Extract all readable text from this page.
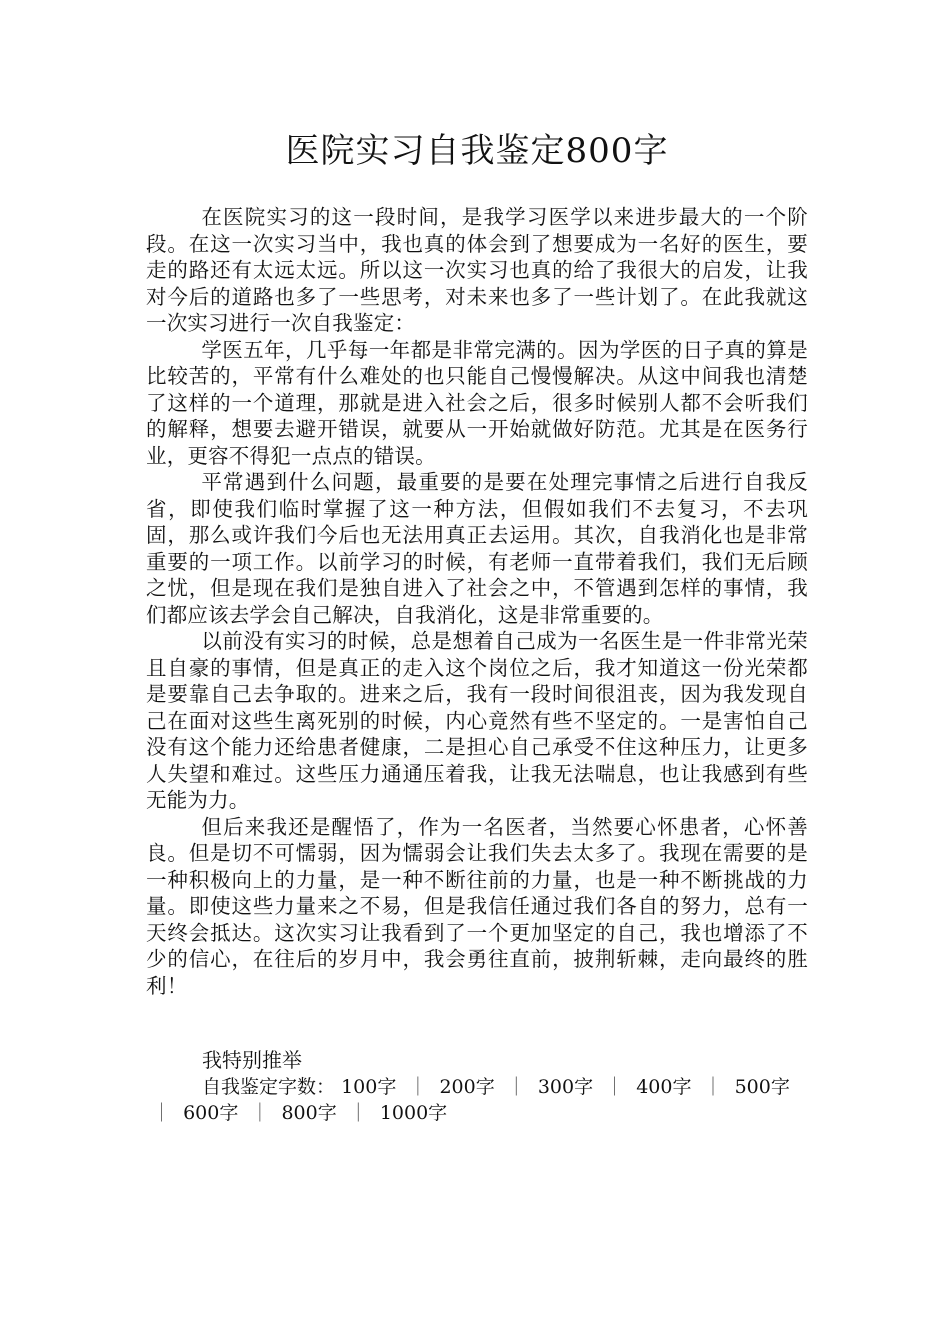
医院实习自我鉴定800字

在医院实习的这一段时间，是我学习医学以来进步最大的一个阶段。在这一次实习当中，我也真的体会到了想要成为一名好的医生，要走的路还有太远太远。所以这一次实习也真的给了我很大的启发，让我对今后的道路也多了一些思考，对未来也多了一些计划了。在此我就这一次实习进行一次自我鉴定：

学医五年，几乎每一年都是非常完满的。因为学医的日子真的算是比较苦的，平常有什么难处的也只能自己慢慢解决。从这中间我也清楚了这样的一个道理，那就是进入社会之后，很多时候别人都不会听我们的解释，想要去避开错误，就要从一开始就做好防范。尤其是在医务行业，更容不得犯一点点的错误。

平常遇到什么问题，最重要的是要在处理完事情之后进行自我反省，即使我们临时掌握了这一种方法，但假如我们不去复习，不去巩固，那么或许我们今后也无法用真正去运用。其次，自我消化也是非常重要的一项工作。以前学习的时候，有老师一直带着我们，我们无后顾之忧，但是现在我们是独自进入了社会之中，不管遇到怎样的事情，我们都应该去学会自己解决，自我消化，这是非常重要的。

以前没有实习的时候，总是想着自己成为一名医生是一件非常光荣且自豪的事情，但是真正的走入这个岗位之后，我才知道这一份光荣都是要靠自己去争取的。进来之后，我有一段时间很沮丧，因为我发现自己在面对这些生离死别的时候，内心竟然有些不坚定的。一是害怕自己没有这个能力还给患者健康，二是担心自己承受不住这种压力，让更多人失望和难过。这些压力通通压着我，让我无法喘息，也让我感到有些无能为力。

但后来我还是醒悟了，作为一名医者，当然要心怀患者，心怀善良。但是切不可懦弱，因为懦弱会让我们失去太多了。我现在需要的是一种积极向上的力量，是一种不断往前的力量，也是一种不断挑战的力量。即使这些力量来之不易，但是我信任通过我们各自的努力，总有一天终会抵达。这次实习让我看到了一个更加坚定的自己，我也增添了不少的信心，在往后的岁月中，我会勇往直前，披荆斩棘，走向最终的胜利！

我特别推举
自我鉴定字数： 100字 ｜ 200字 ｜ 300字 ｜ 400字 ｜ 500字 ｜ 600字 ｜ 800字 ｜ 1000字
